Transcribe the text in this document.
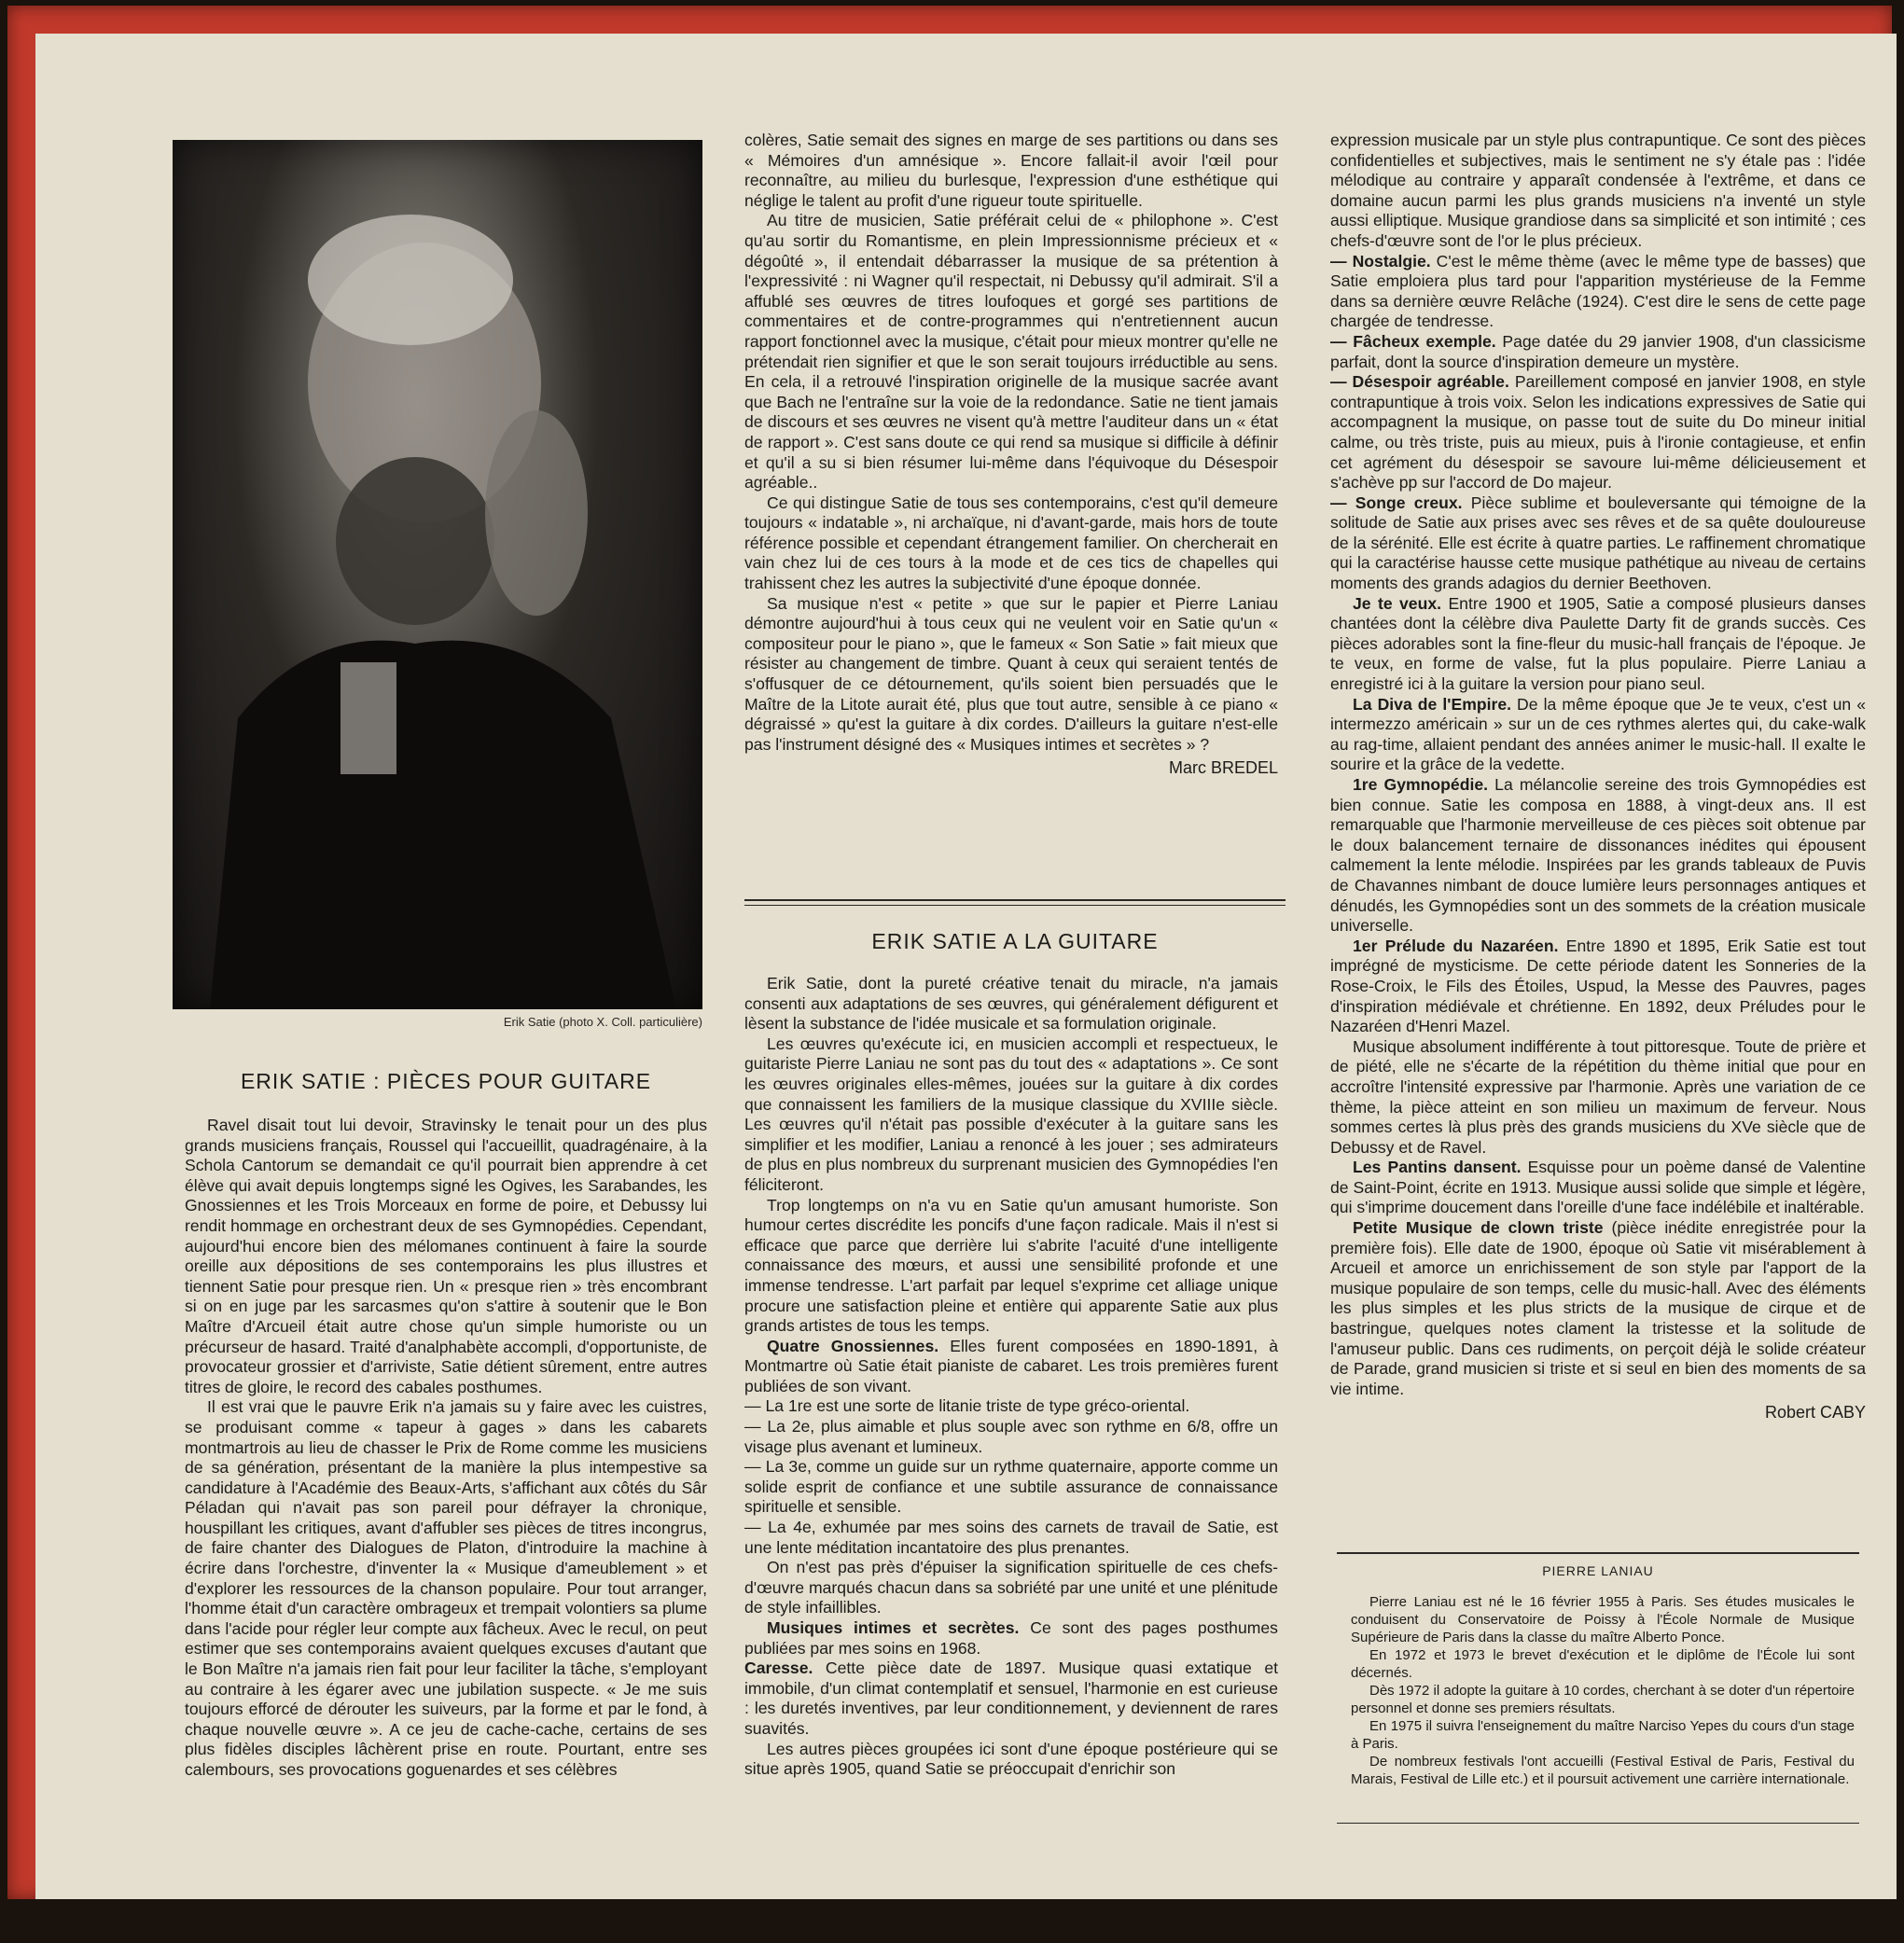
Erik Satie (photo X. Coll. particulière)
ERIK SATIE : PIÈCES POUR GUITARE

Ravel disait tout lui devoir, Stravinsky le tenait pour un des plus grands musiciens français, Roussel qui l'accueillit, quadragénaire, à la Schola Cantorum se demandait ce qu'il pourrait bien apprendre à cet élève qui avait depuis longtemps signé les Ogives, les Sarabandes, les Gnossiennes et les Trois Morceaux en forme de poire, et Debussy lui rendit hommage en orchestrant deux de ses Gymnopédies. Cependant, aujourd'hui encore bien des mélomanes continuent à faire la sourde oreille aux dépositions de ses contemporains les plus illustres et tiennent Satie pour presque rien. Un « presque rien » très encombrant si on en juge par les sarcasmes qu'on s'attire à soutenir que le Bon Maître d'Arcueil était autre chose qu'un simple humoriste ou un précurseur de hasard. Traité d'analphabète accompli, d'opportuniste, de provocateur grossier et d'arriviste, Satie détient sûrement, entre autres titres de gloire, le record des cabales posthumes.

Il est vrai que le pauvre Erik n'a jamais su y faire avec les cuistres, se produisant comme « tapeur à gages » dans les cabarets montmartrois au lieu de chasser le Prix de Rome comme les musiciens de sa génération, présentant de la manière la plus intempestive sa candidature à l'Académie des Beaux-Arts, s'affichant aux côtés du Sâr Péladan qui n'avait pas son pareil pour défrayer la chronique, houspillant les critiques, avant d'affubler ses pièces de titres incongrus, de faire chanter des Dialogues de Platon, d'introduire la machine à écrire dans l'orchestre, d'inventer la « Musique d'ameublement » et d'explorer les ressources de la chanson populaire. Pour tout arranger, l'homme était d'un caractère ombrageux et trempait volontiers sa plume dans l'acide pour régler leur compte aux fâcheux. Avec le recul, on peut estimer que ses contemporains avaient quelques excuses d'autant que le Bon Maître n'a jamais rien fait pour leur faciliter la tâche, s'employant au contraire à les égarer avec une jubilation suspecte. « Je me suis toujours efforcé de dérouter les suiveurs, par la forme et par le fond, à chaque nouvelle œuvre ». A ce jeu de cache-cache, certains de ses plus fidèles disciples lâchèrent prise en route. Pourtant, entre ses calembours, ses provocations goguenardes et ses célèbres

colères, Satie semait des signes en marge de ses partitions ou dans ses « Mémoires d'un amnésique ». Encore fallait-il avoir l'œil pour reconnaître, au milieu du burlesque, l'expression d'une esthétique qui néglige le talent au profit d'une rigueur toute spirituelle.

Au titre de musicien, Satie préférait celui de « philophone ». C'est qu'au sortir du Romantisme, en plein Impressionnisme précieux et « dégoûté », il entendait débarrasser la musique de sa prétention à l'expressivité : ni Wagner qu'il respectait, ni Debussy qu'il admirait. S'il a affublé ses œuvres de titres loufoques et gorgé ses partitions de commentaires et de contre-programmes qui n'entretiennent aucun rapport fonctionnel avec la musique, c'était pour mieux montrer qu'elle ne prétendait rien signifier et que le son serait toujours irréductible au sens. En cela, il a retrouvé l'inspiration originelle de la musique sacrée avant que Bach ne l'entraîne sur la voie de la redondance. Satie ne tient jamais de discours et ses œuvres ne visent qu'à mettre l'auditeur dans un « état de rapport ». C'est sans doute ce qui rend sa musique si difficile à définir et qu'il a su si bien résumer lui-même dans l'équivoque du Désespoir agréable..

Ce qui distingue Satie de tous ses contemporains, c'est qu'il demeure toujours « indatable », ni archaïque, ni d'avant-garde, mais hors de toute référence possible et cependant étrangement familier. On chercherait en vain chez lui de ces tours à la mode et de ces tics de chapelles qui trahissent chez les autres la subjectivité d'une époque donnée.

Sa musique n'est « petite » que sur le papier et Pierre Laniau démontre aujourd'hui à tous ceux qui ne veulent voir en Satie qu'un « compositeur pour le piano », que le fameux « Son Satie » fait mieux que résister au changement de timbre. Quant à ceux qui seraient tentés de s'offusquer de ce détournement, qu'ils soient bien persuadés que le Maître de la Litote aurait été, plus que tout autre, sensible à ce piano « dégraissé » qu'est la guitare à dix cordes. D'ailleurs la guitare n'est-elle pas l'instrument désigné des « Musiques intimes et secrètes » ?

Marc BREDEL
ERIK SATIE A LA GUITARE

Erik Satie, dont la pureté créative tenait du miracle, n'a jamais consenti aux adaptations de ses œuvres, qui généralement défigurent et lèsent la substance de l'idée musicale et sa formulation originale.

Les œuvres qu'exécute ici, en musicien accompli et respectueux, le guitariste Pierre Laniau ne sont pas du tout des « adaptations ». Ce sont les œuvres originales elles-mêmes, jouées sur la guitare à dix cordes que connaissent les familiers de la musique classique du XVIIIe siècle. Les œuvres qu'il n'était pas possible d'exécuter à la guitare sans les simplifier et les modifier, Laniau a renoncé à les jouer ; ses admirateurs de plus en plus nombreux du surprenant musicien des Gymnopédies l'en féliciteront.

Trop longtemps on n'a vu en Satie qu'un amusant humoriste. Son humour certes discrédite les poncifs d'une façon radicale. Mais il n'est si efficace que parce que derrière lui s'abrite l'acuité d'une intelligente connaissance des mœurs, et aussi une sensibilité profonde et une immense tendresse. L'art parfait par lequel s'exprime cet alliage unique procure une satisfaction pleine et entière qui apparente Satie aux plus grands artistes de tous les temps.

Quatre Gnossiennes. Elles furent composées en 1890-1891, à Montmartre où Satie était pianiste de cabaret. Les trois premières furent publiées de son vivant.

— La 1re est une sorte de litanie triste de type gréco-oriental.

— La 2e, plus aimable et plus souple avec son rythme en 6/8, offre un visage plus avenant et lumineux.

— La 3e, comme un guide sur un rythme quaternaire, apporte comme un solide esprit de confiance et une subtile assurance de connaissance spirituelle et sensible.

— La 4e, exhumée par mes soins des carnets de travail de Satie, est une lente méditation incantatoire des plus prenantes.

On n'est pas près d'épuiser la signification spirituelle de ces chefs-d'œuvre marqués chacun dans sa sobriété par une unité et une plénitude de style infaillibles.

Musiques intimes et secrètes. Ce sont des pages posthumes publiées par mes soins en 1968.

Caresse. Cette pièce date de 1897. Musique quasi extatique et immobile, d'un climat contemplatif et sensuel, l'harmonie en est curieuse : les duretés inventives, par leur conditionnement, y deviennent de rares suavités.

Les autres pièces groupées ici sont d'une époque postérieure qui se situe après 1905, quand Satie se préoccupait d'enrichir son

expression musicale par un style plus contrapuntique. Ce sont des pièces confidentielles et subjectives, mais le sentiment ne s'y étale pas : l'idée mélodique au contraire y apparaît condensée à l'extrême, et dans ce domaine aucun parmi les plus grands musiciens n'a inventé un style aussi elliptique. Musique grandiose dans sa simplicité et son intimité ; ces chefs-d'œuvre sont de l'or le plus précieux.

— Nostalgie. C'est le même thème (avec le même type de basses) que Satie emploiera plus tard pour l'apparition mystérieuse de la Femme dans sa dernière œuvre Relâche (1924). C'est dire le sens de cette page chargée de tendresse.

— Fâcheux exemple. Page datée du 29 janvier 1908, d'un classicisme parfait, dont la source d'inspiration demeure un mystère.

— Désespoir agréable. Pareillement composé en janvier 1908, en style contrapuntique à trois voix. Selon les indications expressives de Satie qui accompagnent la musique, on passe tout de suite du Do mineur initial calme, ou très triste, puis au mieux, puis à l'ironie contagieuse, et enfin cet agrément du désespoir se savoure lui-même délicieusement et s'achève pp sur l'accord de Do majeur.

— Songe creux. Pièce sublime et bouleversante qui témoigne de la solitude de Satie aux prises avec ses rêves et de sa quête douloureuse de la sérénité. Elle est écrite à quatre parties. Le raffinement chromatique qui la caractérise hausse cette musique pathétique au niveau de certains moments des grands adagios du dernier Beethoven.

Je te veux. Entre 1900 et 1905, Satie a composé plusieurs danses chantées dont la célèbre diva Paulette Darty fit de grands succès. Ces pièces adorables sont la fine-fleur du music-hall français de l'époque. Je te veux, en forme de valse, fut la plus populaire. Pierre Laniau a enregistré ici à la guitare la version pour piano seul.

La Diva de l'Empire. De la même époque que Je te veux, c'est un « intermezzo américain » sur un de ces rythmes alertes qui, du cake-walk au rag-time, allaient pendant des années animer le music-hall. Il exalte le sourire et la grâce de la vedette.

1re Gymnopédie. La mélancolie sereine des trois Gymnopédies est bien connue. Satie les composa en 1888, à vingt-deux ans. Il est remarquable que l'harmonie merveilleuse de ces pièces soit obtenue par le doux balancement ternaire de dissonances inédites qui épousent calmement la lente mélodie. Inspirées par les grands tableaux de Puvis de Chavannes nimbant de douce lumière leurs personnages antiques et dénudés, les Gymnopédies sont un des sommets de la création musicale universelle.

1er Prélude du Nazaréen. Entre 1890 et 1895, Erik Satie est tout imprégné de mysticisme. De cette période datent les Sonneries de la Rose-Croix, le Fils des Étoiles, Uspud, la Messe des Pauvres, pages d'inspiration médiévale et chrétienne. En 1892, deux Préludes pour le Nazaréen d'Henri Mazel.

Musique absolument indifférente à tout pittoresque. Toute de prière et de piété, elle ne s'écarte de la répétition du thème initial que pour en accroître l'intensité expressive par l'harmonie. Après une variation de ce thème, la pièce atteint en son milieu un maximum de ferveur. Nous sommes certes là plus près des grands musiciens du XVe siècle que de Debussy et de Ravel.

Les Pantins dansent. Esquisse pour un poème dansé de Valentine de Saint-Point, écrite en 1913. Musique aussi solide que simple et légère, qui s'imprime doucement dans l'oreille d'une face indélébile et inaltérable.

Petite Musique de clown triste (pièce inédite enregistrée pour la première fois). Elle date de 1900, époque où Satie vit misérablement à Arcueil et amorce un enrichissement de son style par l'apport de la musique populaire de son temps, celle du music-hall. Avec des éléments les plus simples et les plus stricts de la musique de cirque et de bastringue, quelques notes clament la tristesse et la solitude de l'amuseur public. Dans ces rudiments, on perçoit déjà le solide créateur de Parade, grand musicien si triste et si seul en bien des moments de sa vie intime.

Robert CABY
PIERRE LANIAU

Pierre Laniau est né le 16 février 1955 à Paris. Ses études musicales le conduisent du Conservatoire de Poissy à l'École Normale de Musique Supérieure de Paris dans la classe du maître Alberto Ponce.

En 1972 et 1973 le brevet d'exécution et le diplôme de l'École lui sont décernés.

Dès 1972 il adopte la guitare à 10 cordes, cherchant à se doter d'un répertoire personnel et donne ses premiers résultats.

En 1975 il suivra l'enseignement du maître Narciso Yepes du cours d'un stage à Paris.

De nombreux festivals l'ont accueilli (Festival Estival de Paris, Festival du Marais, Festival de Lille etc.) et il poursuit activement une carrière internationale.
